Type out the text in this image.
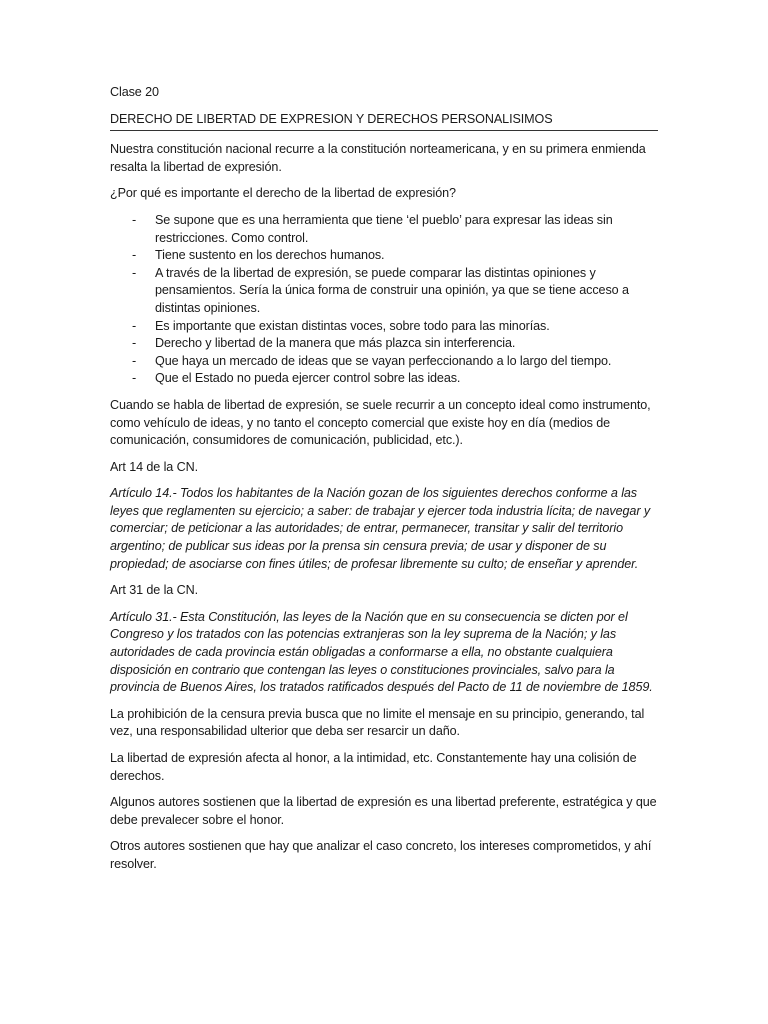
Clase 20

DERECHO DE LIBERTAD DE EXPRESION Y DERECHOS PERSONALISIMOS

Nuestra constitución nacional recurre a la constitución norteamericana, y en su primera enmienda resalta la libertad de expresión.

¿Por qué es importante el derecho de la libertad de expresión?

- Se supone que es una herramienta que tiene ‘el pueblo’ para expresar las ideas sin restricciones. Como control.
- Tiene sustento en los derechos humanos.
- A través de la libertad de expresión, se puede comparar las distintas opiniones y pensamientos. Sería la única forma de construir una opinión, ya que se tiene acceso a distintas opiniones.
- Es importante que existan distintas voces, sobre todo para las minorías.
- Derecho y libertad de la manera que más plazca sin interferencia.
- Que haya un mercado de ideas que se vayan perfeccionando a lo largo del tiempo.
- Que el Estado no pueda ejercer control sobre las ideas.

Cuando se habla de libertad de expresión, se suele recurrir a un concepto ideal como instrumento, como vehículo de ideas, y no tanto el concepto comercial que existe hoy en día (medios de comunicación, consumidores de comunicación, publicidad, etc.).

Art 14 de la CN.

Artículo 14.- Todos los habitantes de la Nación gozan de los siguientes derechos conforme a las leyes que reglamenten su ejercicio; a saber: de trabajar y ejercer toda industria lícita; de navegar y comerciar; de peticionar a las autoridades; de entrar, permanecer, transitar y salir del territorio argentino; de publicar sus ideas por la prensa sin censura previa; de usar y disponer de su propiedad; de asociarse con fines útiles; de profesar libremente su culto; de enseñar y aprender.

Art 31 de la CN.

Artículo 31.- Esta Constitución, las leyes de la Nación que en su consecuencia se dicten por el Congreso y los tratados con las potencias extranjeras son la ley suprema de la Nación; y las autoridades de cada provincia están obligadas a conformarse a ella, no obstante cualquiera disposición en contrario que contengan las leyes o constituciones provinciales, salvo para la provincia de Buenos Aires, los tratados ratificados después del Pacto de 11 de noviembre de 1859.

La prohibición de la censura previa busca que no limite el mensaje en su principio, generando, tal vez, una responsabilidad ulterior que deba ser resarcir un daño.

La libertad de expresión afecta al honor, a la intimidad, etc. Constantemente hay una colisión de derechos.

Algunos autores sostienen que la libertad de expresión es una libertad preferente, estratégica y que debe prevalecer sobre el honor.

Otros autores sostienen que hay que analizar el caso concreto, los intereses comprometidos, y ahí resolver.
